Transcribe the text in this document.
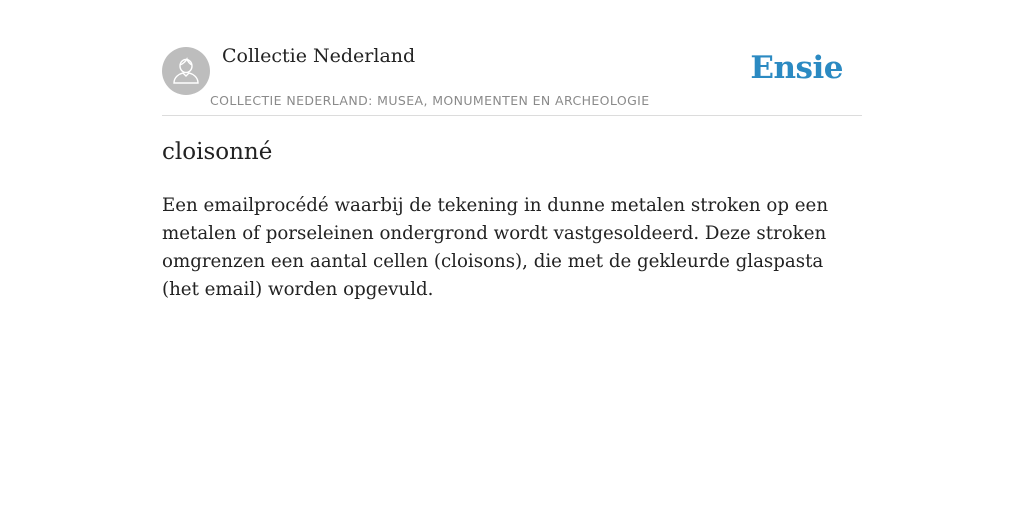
Collectie Nederland
COLLECTIE NEDERLAND: MUSEA, MONUMENTEN EN ARCHEOLOGIE
Ensie
cloisonné

Een emailprocédé waarbij de tekening in dunne metalen stroken op een metalen of porseleinen ondergrond wordt vastgesoldeerd. Deze stroken omgrenzen een aantal cellen (cloisons), die met de gekleurde glaspasta (het email) worden opgevuld.
